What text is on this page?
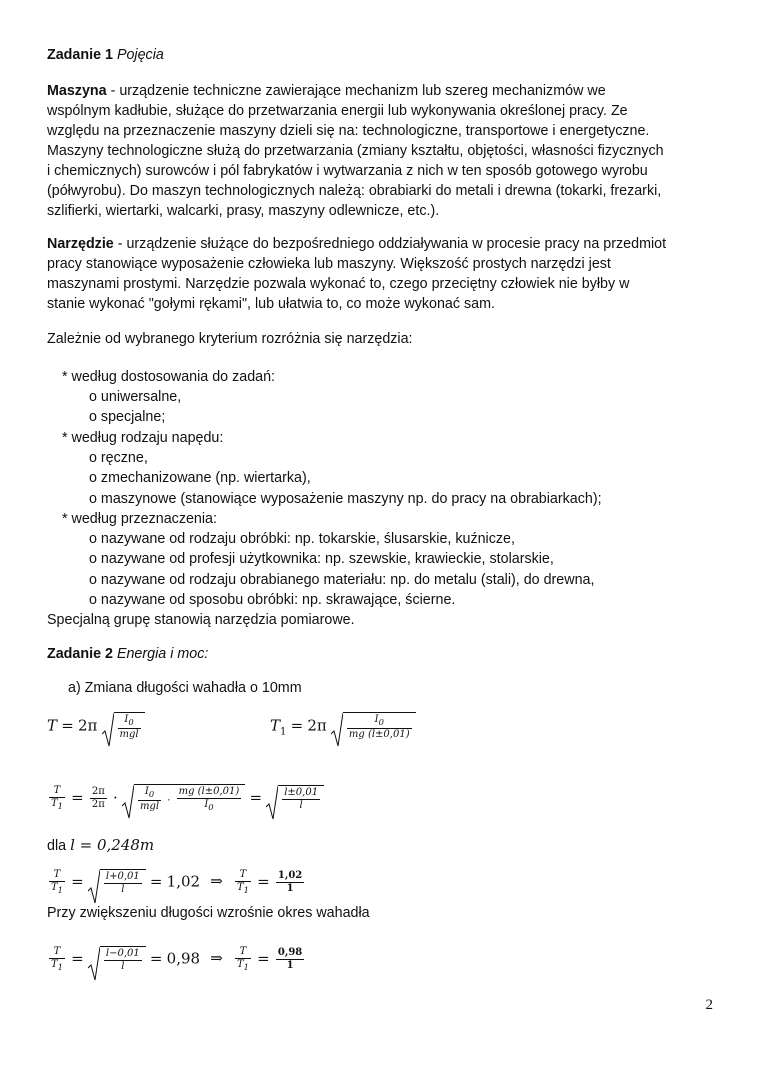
Zadanie 1 Pojęcia
Maszyna - urządzenie techniczne zawierające mechanizm lub szereg mechanizmów we
wspólnym kadłubie, służące do przetwarzania energii lub wykonywania określonej pracy. Ze
względu na przeznaczenie maszyny dzieli się na: technologiczne, transportowe i energetyczne.
Maszyny technologiczne służą do przetwarzania (zmiany kształtu, objętości, własności fizycznych
i chemicznych) surowców i pól fabrykatów i wytwarzania z nich w ten sposób gotowego wyrobu
(półwyrobu). Do maszyn technologicznych należą: obrabiarki do metali i drewna (tokarki, frezarki,
szlifierki, wiertarki, walcarki, prasy, maszyny odlewnicze, etc.).
Narzędzie - urządzenie służące do bezpośredniego oddziaływania w procesie pracy na przedmiot
pracy stanowiące wyposażenie człowieka lub maszyny. Większość prostych narzędzi jest
maszynami prostymi. Narzędzie pozwala wykonać to, czego przeciętny człowiek nie byłby w
stanie wykonać "gołymi rękami", lub ułatwia to, co może wykonać sam.
Zależnie od wybranego kryterium rozróżnia się narzędzia:
* według dostosowania do zadań:
o uniwersalne,
o specjalne;
* według rodzaju napędu:
o ręczne,
o zmechanizowane (np. wiertarka),
o maszynowe (stanowiące wyposażenie maszyny np. do pracy na obrabiarkach);
* według przeznaczenia:
o nazywane od rodzaju obróbki: np. tokarskie, ślusarskie, kuźnicze,
o nazywane od profesji użytkownika: np. szewskie, krawieckie, stolarskie,
o nazywane od rodzaju obrabianego materiału: np. do metalu (stali), do drewna,
o nazywane od sposobu obróbki: np. skrawające, ścierne.
Specjalną grupę stanowią narzędzia pomiarowe.
Zadanie 2 Energia i moc:
a) Zmiana długości wahadła o 10mm
$T = 2\pi \frac{I_0}{\text{mgl}}$	$T_1 = 2\pi \frac{I_0}{mg (l\pm 0,01)}$
$\frac{T}{T_1} = \frac{2\pi}{2\pi} \cdot \frac{I_0}{\text{mgl}} \cdot \frac{mg (l\pm 0,01)}{I_0} = \frac{l\pm 0,01}{l}$
dla l = 0,248m
$\frac{T}{T_1} = \frac{l+0,01}{l} = 1,02$ ⇒ $\frac{T}{T_1} = \frac{1,02}{1}$
Przy zwiększeniu długości wzrośnie okres wahadła
$\frac{T}{T_1} = \frac{l-0,01}{l} = 0,98$ ⇒ $\frac{T}{T_1} = \frac{0,98}{1}$
2
